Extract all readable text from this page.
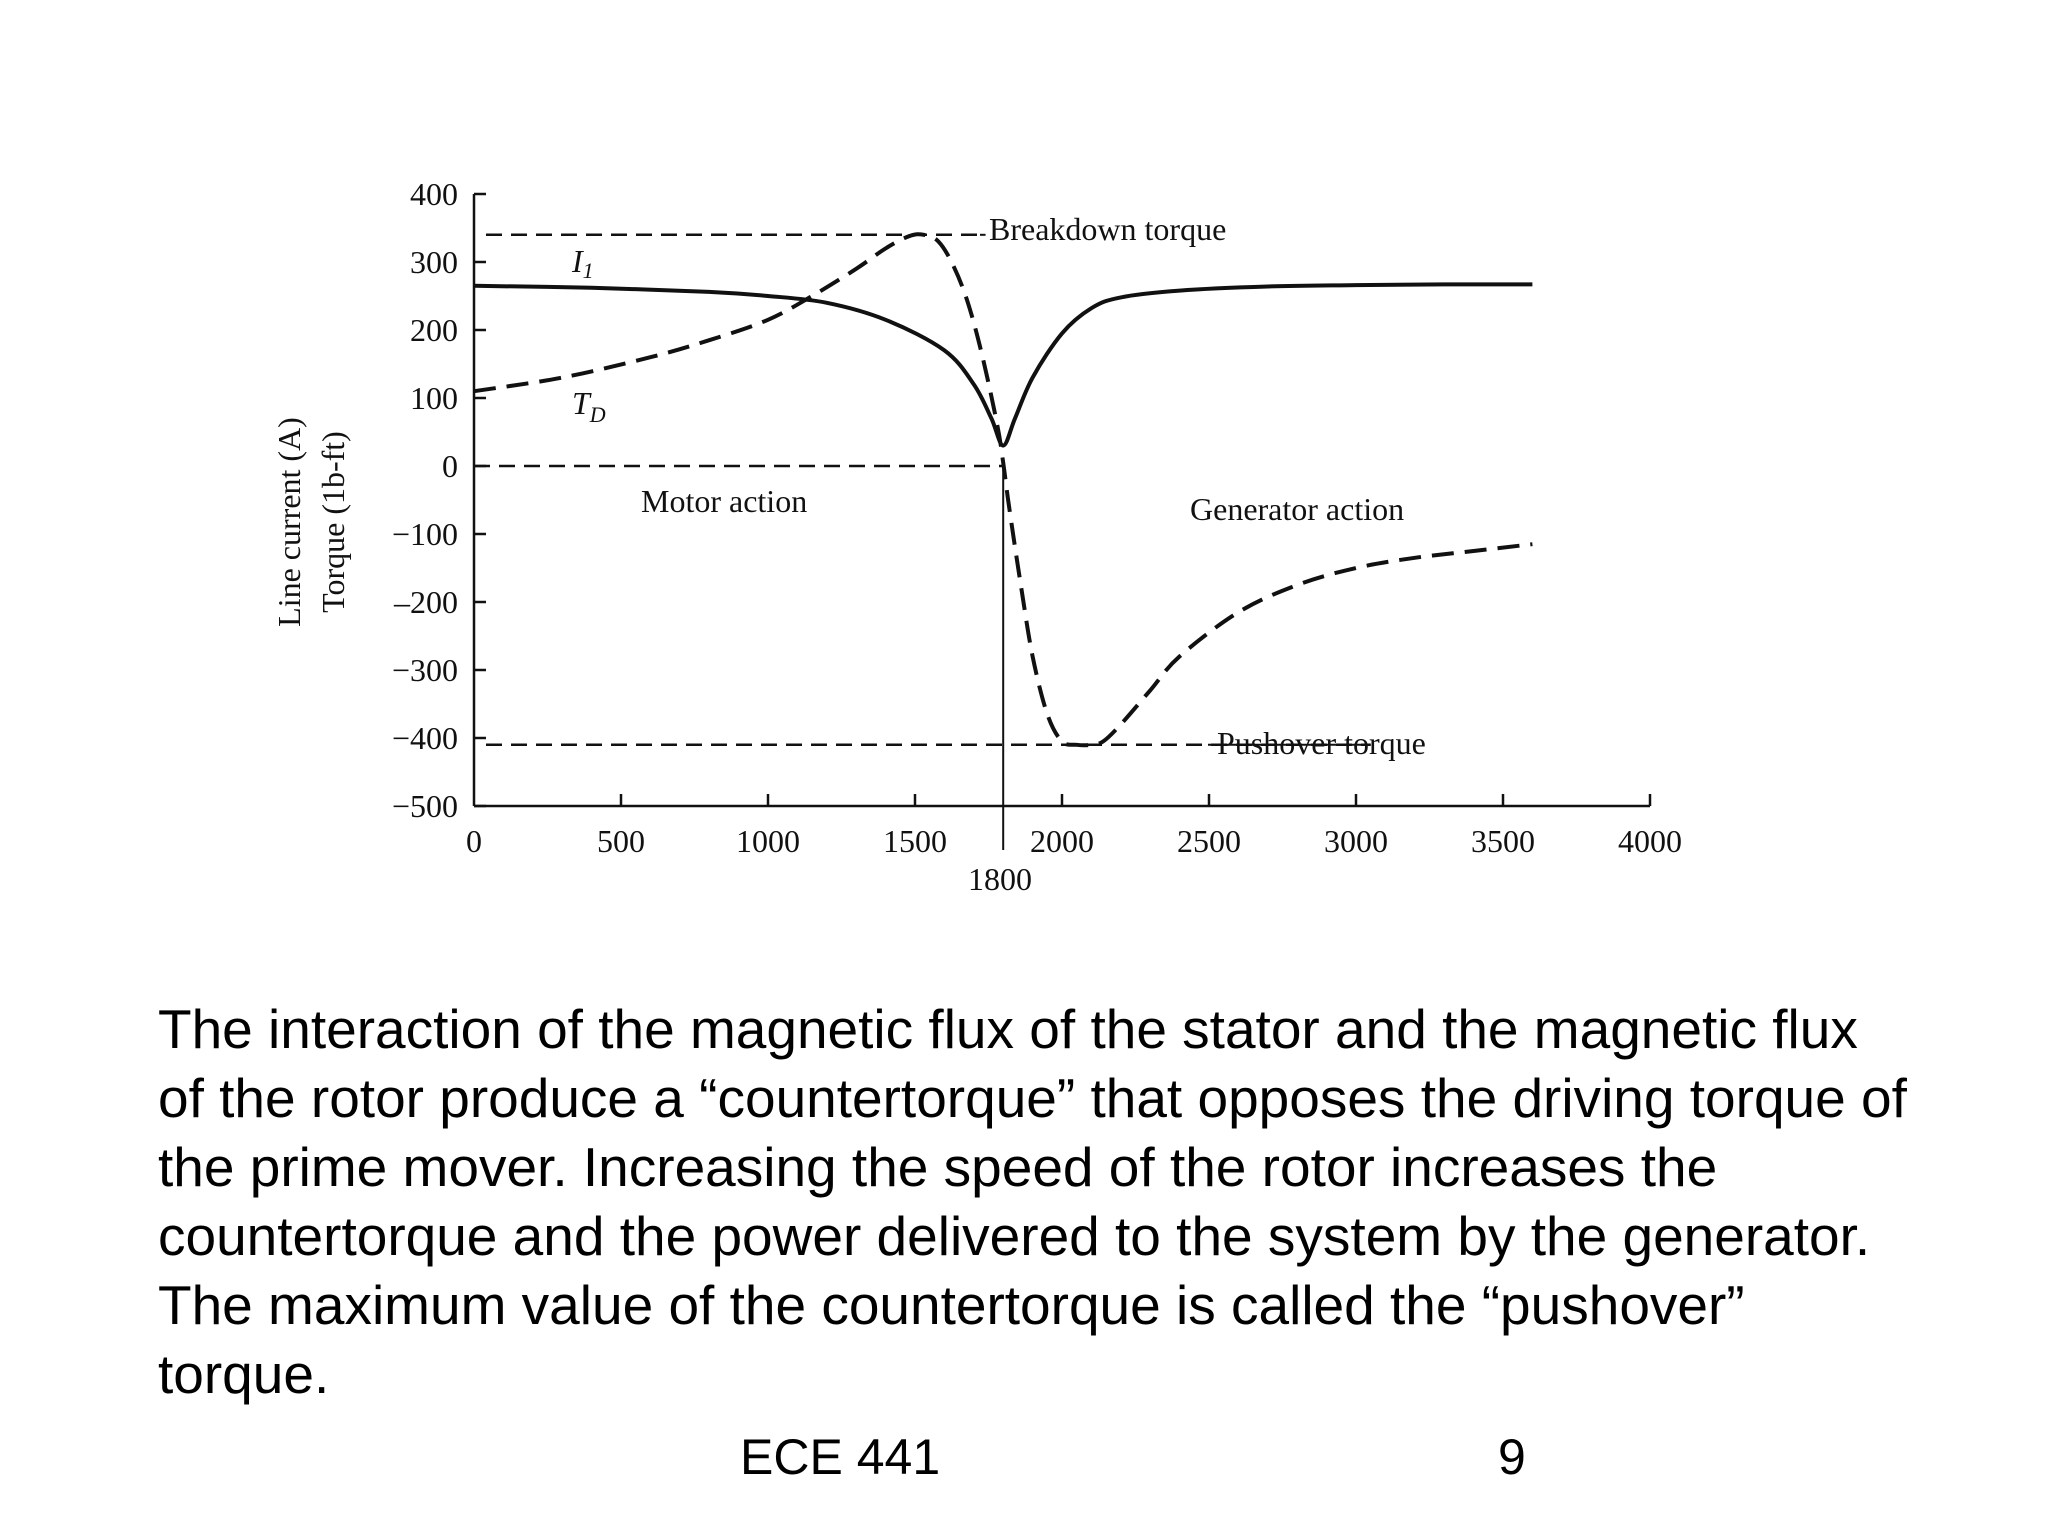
400
300
200
100
0
−100
–200
−300
−400
−500
0	500	1000	1500	2000	2500	3000	3500	4000
Line current (A) Torque (1b-ft)
Breakdown torque
Pushover torque
Motor action	Generator action
I1
$T_D$
1800
The interaction of the magnetic flux of the stator and the magnetic flux of the rotor produce a “countertorque” that opposes the driving torque of the prime mover. Increasing the speed of the rotor increases the countertorque and the power delivered to the system by the generator. The maximum value of the countertorque is called the “pushover” torque.
ECE 441	9
